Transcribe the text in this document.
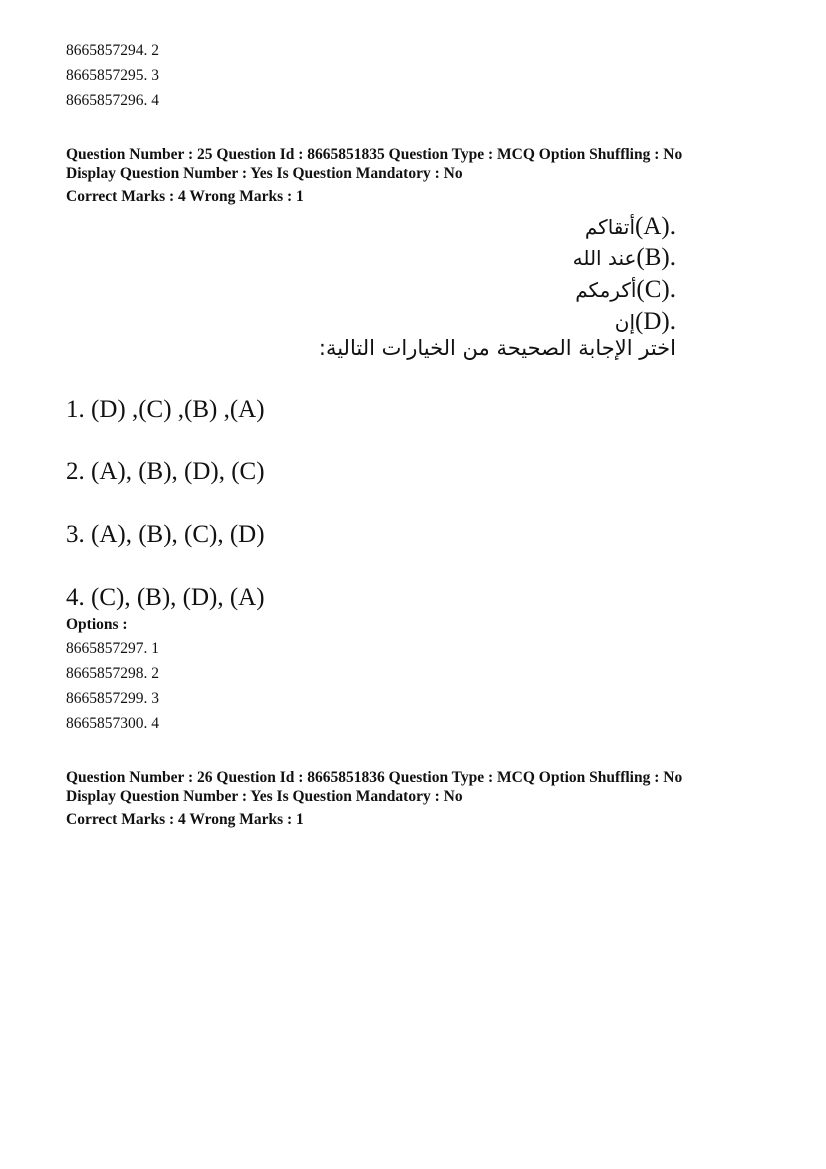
8665857294. 2
8665857295. 3
8665857296. 4
Question Number : 25 Question Id : 8665851835 Question Type : MCQ Option Shuffling : No
Display Question Number : Yes Is Question Mandatory : No
Correct Marks : 4 Wrong Marks : 1
(A).أتقاكم
(B).عند الله
(C).أكرمكم
(D).إن
اختر الإجابة الصحيحة من الخيارات التالية:
1. (D) ,(C) ,(B) ,(A)
2. (A), (B), (D), (C)
3. (A), (B), (C), (D)
4. (C), (B), (D), (A)
Options :
8665857297. 1
8665857298. 2
8665857299. 3
8665857300. 4
Question Number : 26 Question Id : 8665851836 Question Type : MCQ Option Shuffling : No
Display Question Number : Yes Is Question Mandatory : No
Correct Marks : 4 Wrong Marks : 1
